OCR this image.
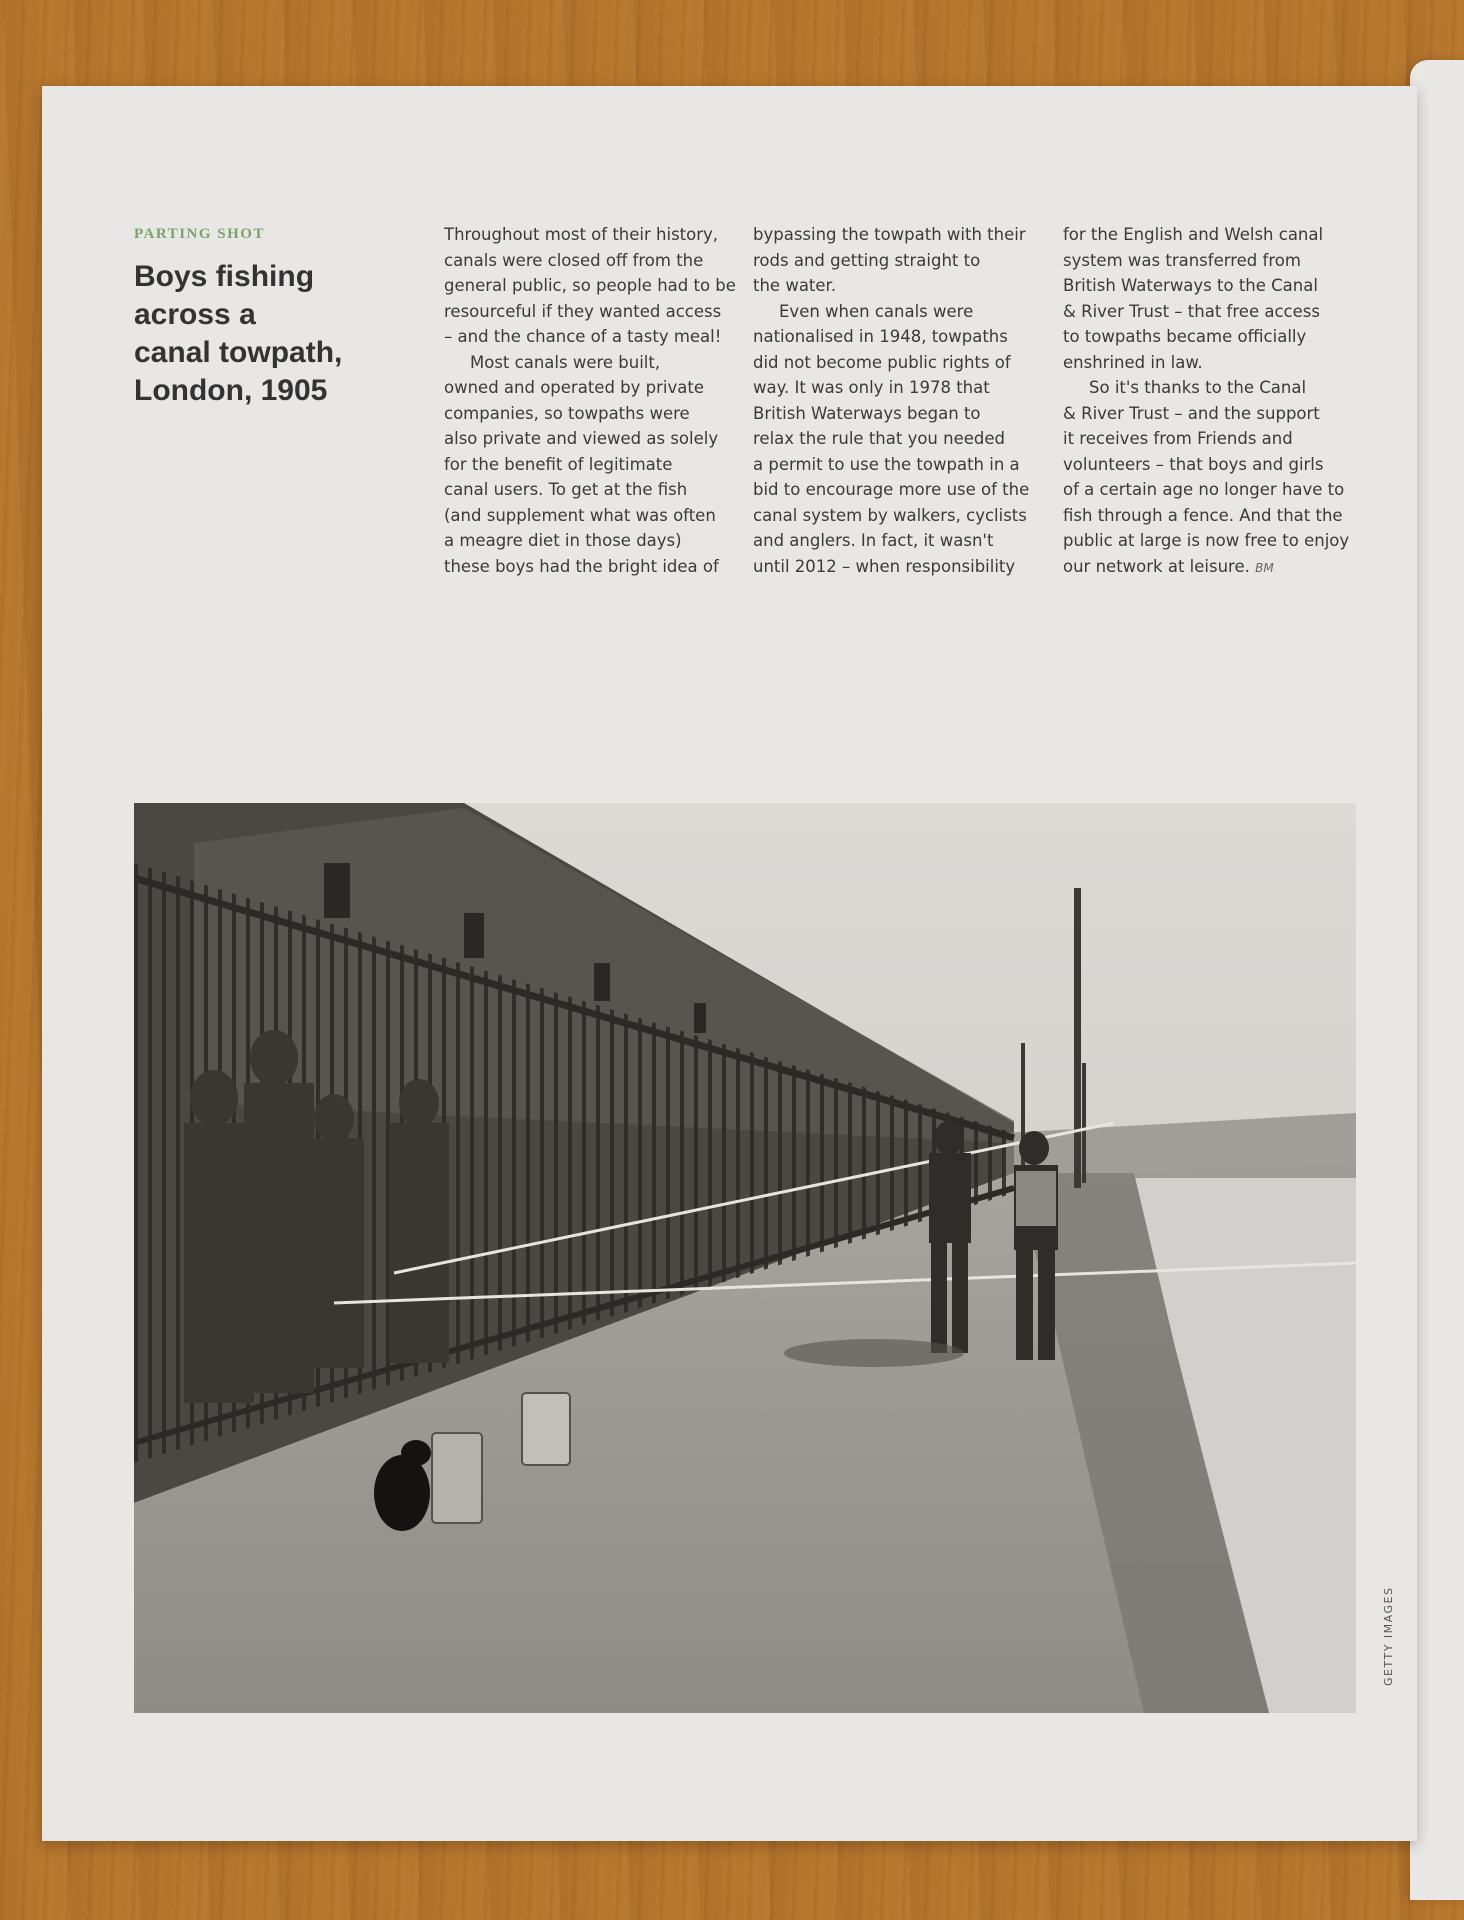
PARTING SHOT
Boys fishing
across a
canal towpath,
London, 1905

Throughout most of their history,
canals were closed off from the
general public, so people had to be
resourceful if they wanted access
– and the chance of a tasty meal!

Most canals were built,
owned and operated by private
companies, so towpaths were
also private and viewed as solely
for the benefit of legitimate
canal users. To get at the fish
(and supplement what was often
a meagre diet in those days)
these boys had the bright idea of

bypassing the towpath with their
rods and getting straight to
the water.

Even when canals were
nationalised in 1948, towpaths
did not become public rights of
way. It was only in 1978 that
British Waterways began to
relax the rule that you needed
a permit to use the towpath in a
bid to encourage more use of the
canal system by walkers, cyclists
and anglers. In fact, it wasn't
until 2012 – when responsibility

for the English and Welsh canal
system was transferred from
British Waterways to the Canal
& River Trust – that free access
to towpaths became officially
enshrined in law.

So it's thanks to the Canal
& River Trust – and the support
it receives from Friends and
volunteers – that boys and girls
of a certain age no longer have to
fish through a fence. And that the
public at large is now free to enjoy
our network at leisure. BM

GETTY IMAGES
